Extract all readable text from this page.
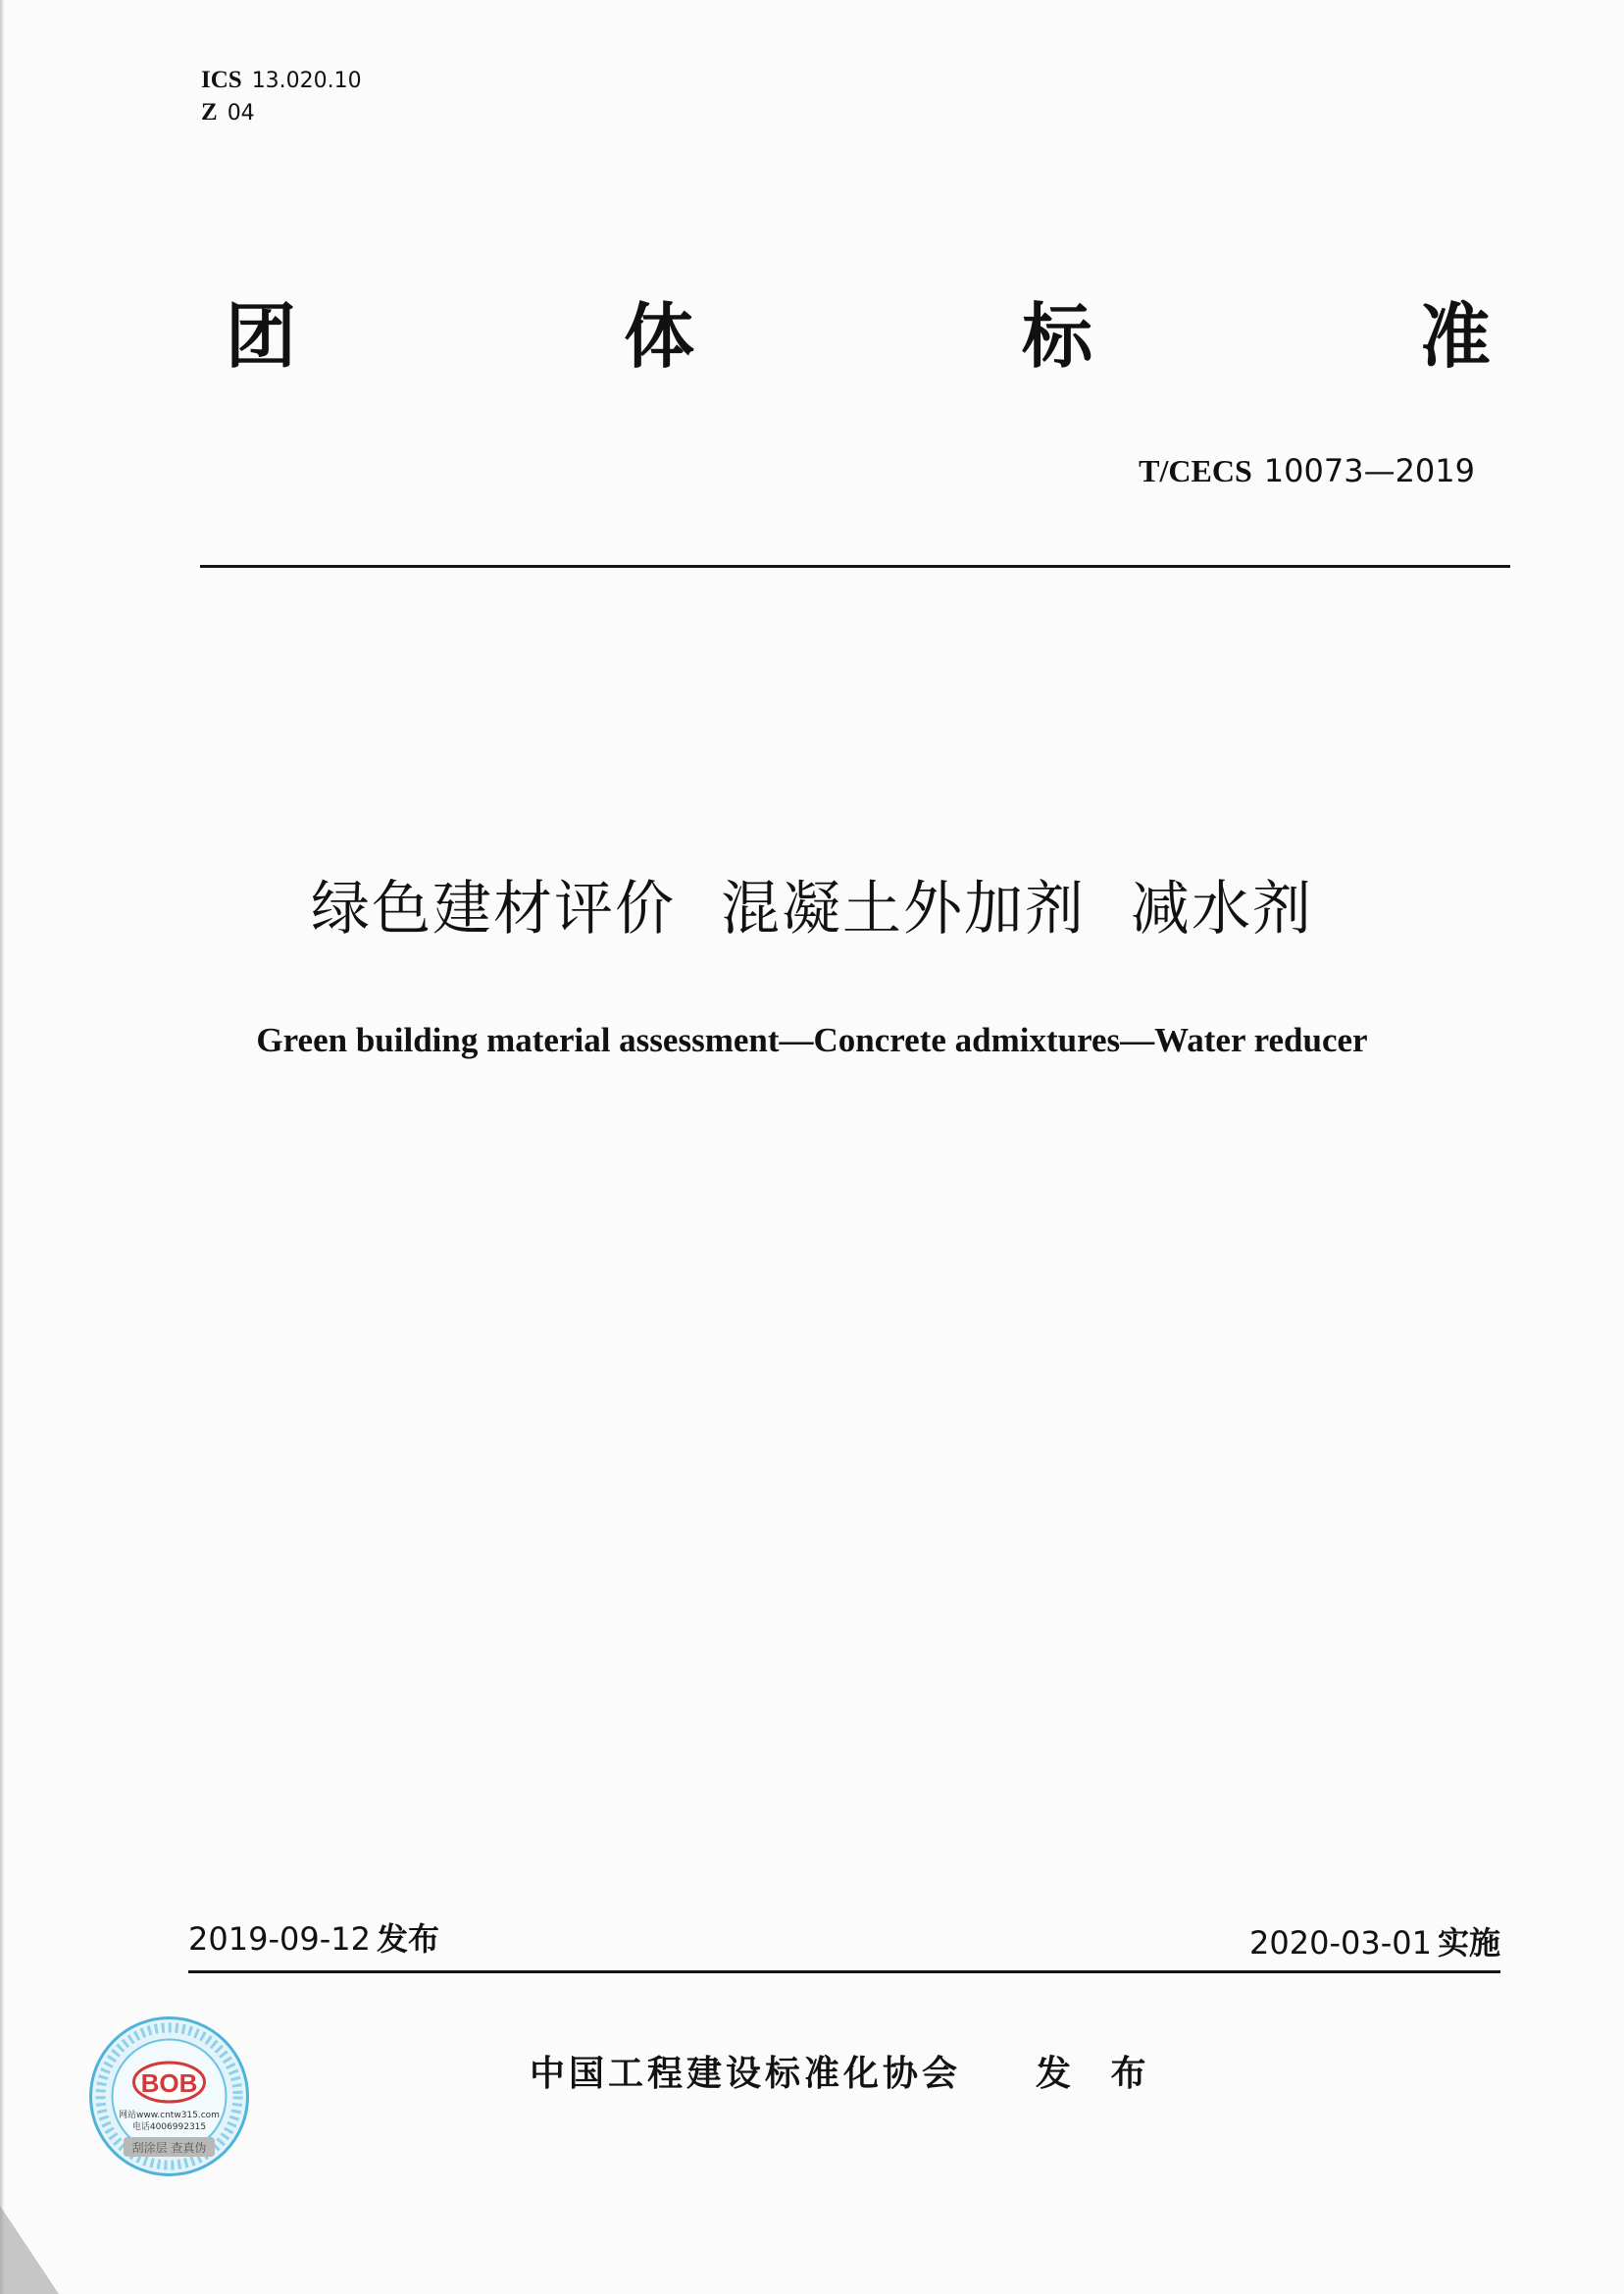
ICS 13.020.10
Z 04
团	体	标	准
T/CECS 10073—2019
绿色建材评价 混凝土外加剂 减水剂
Green building material assessment—Concrete admixtures—Water reducer
2019-09-12 发布	2020-03-01 实施
中国工程建设标准化协会 发 布
BOB
网站www.cntw315.com
电话4006992315
刮涂层 查真伪
